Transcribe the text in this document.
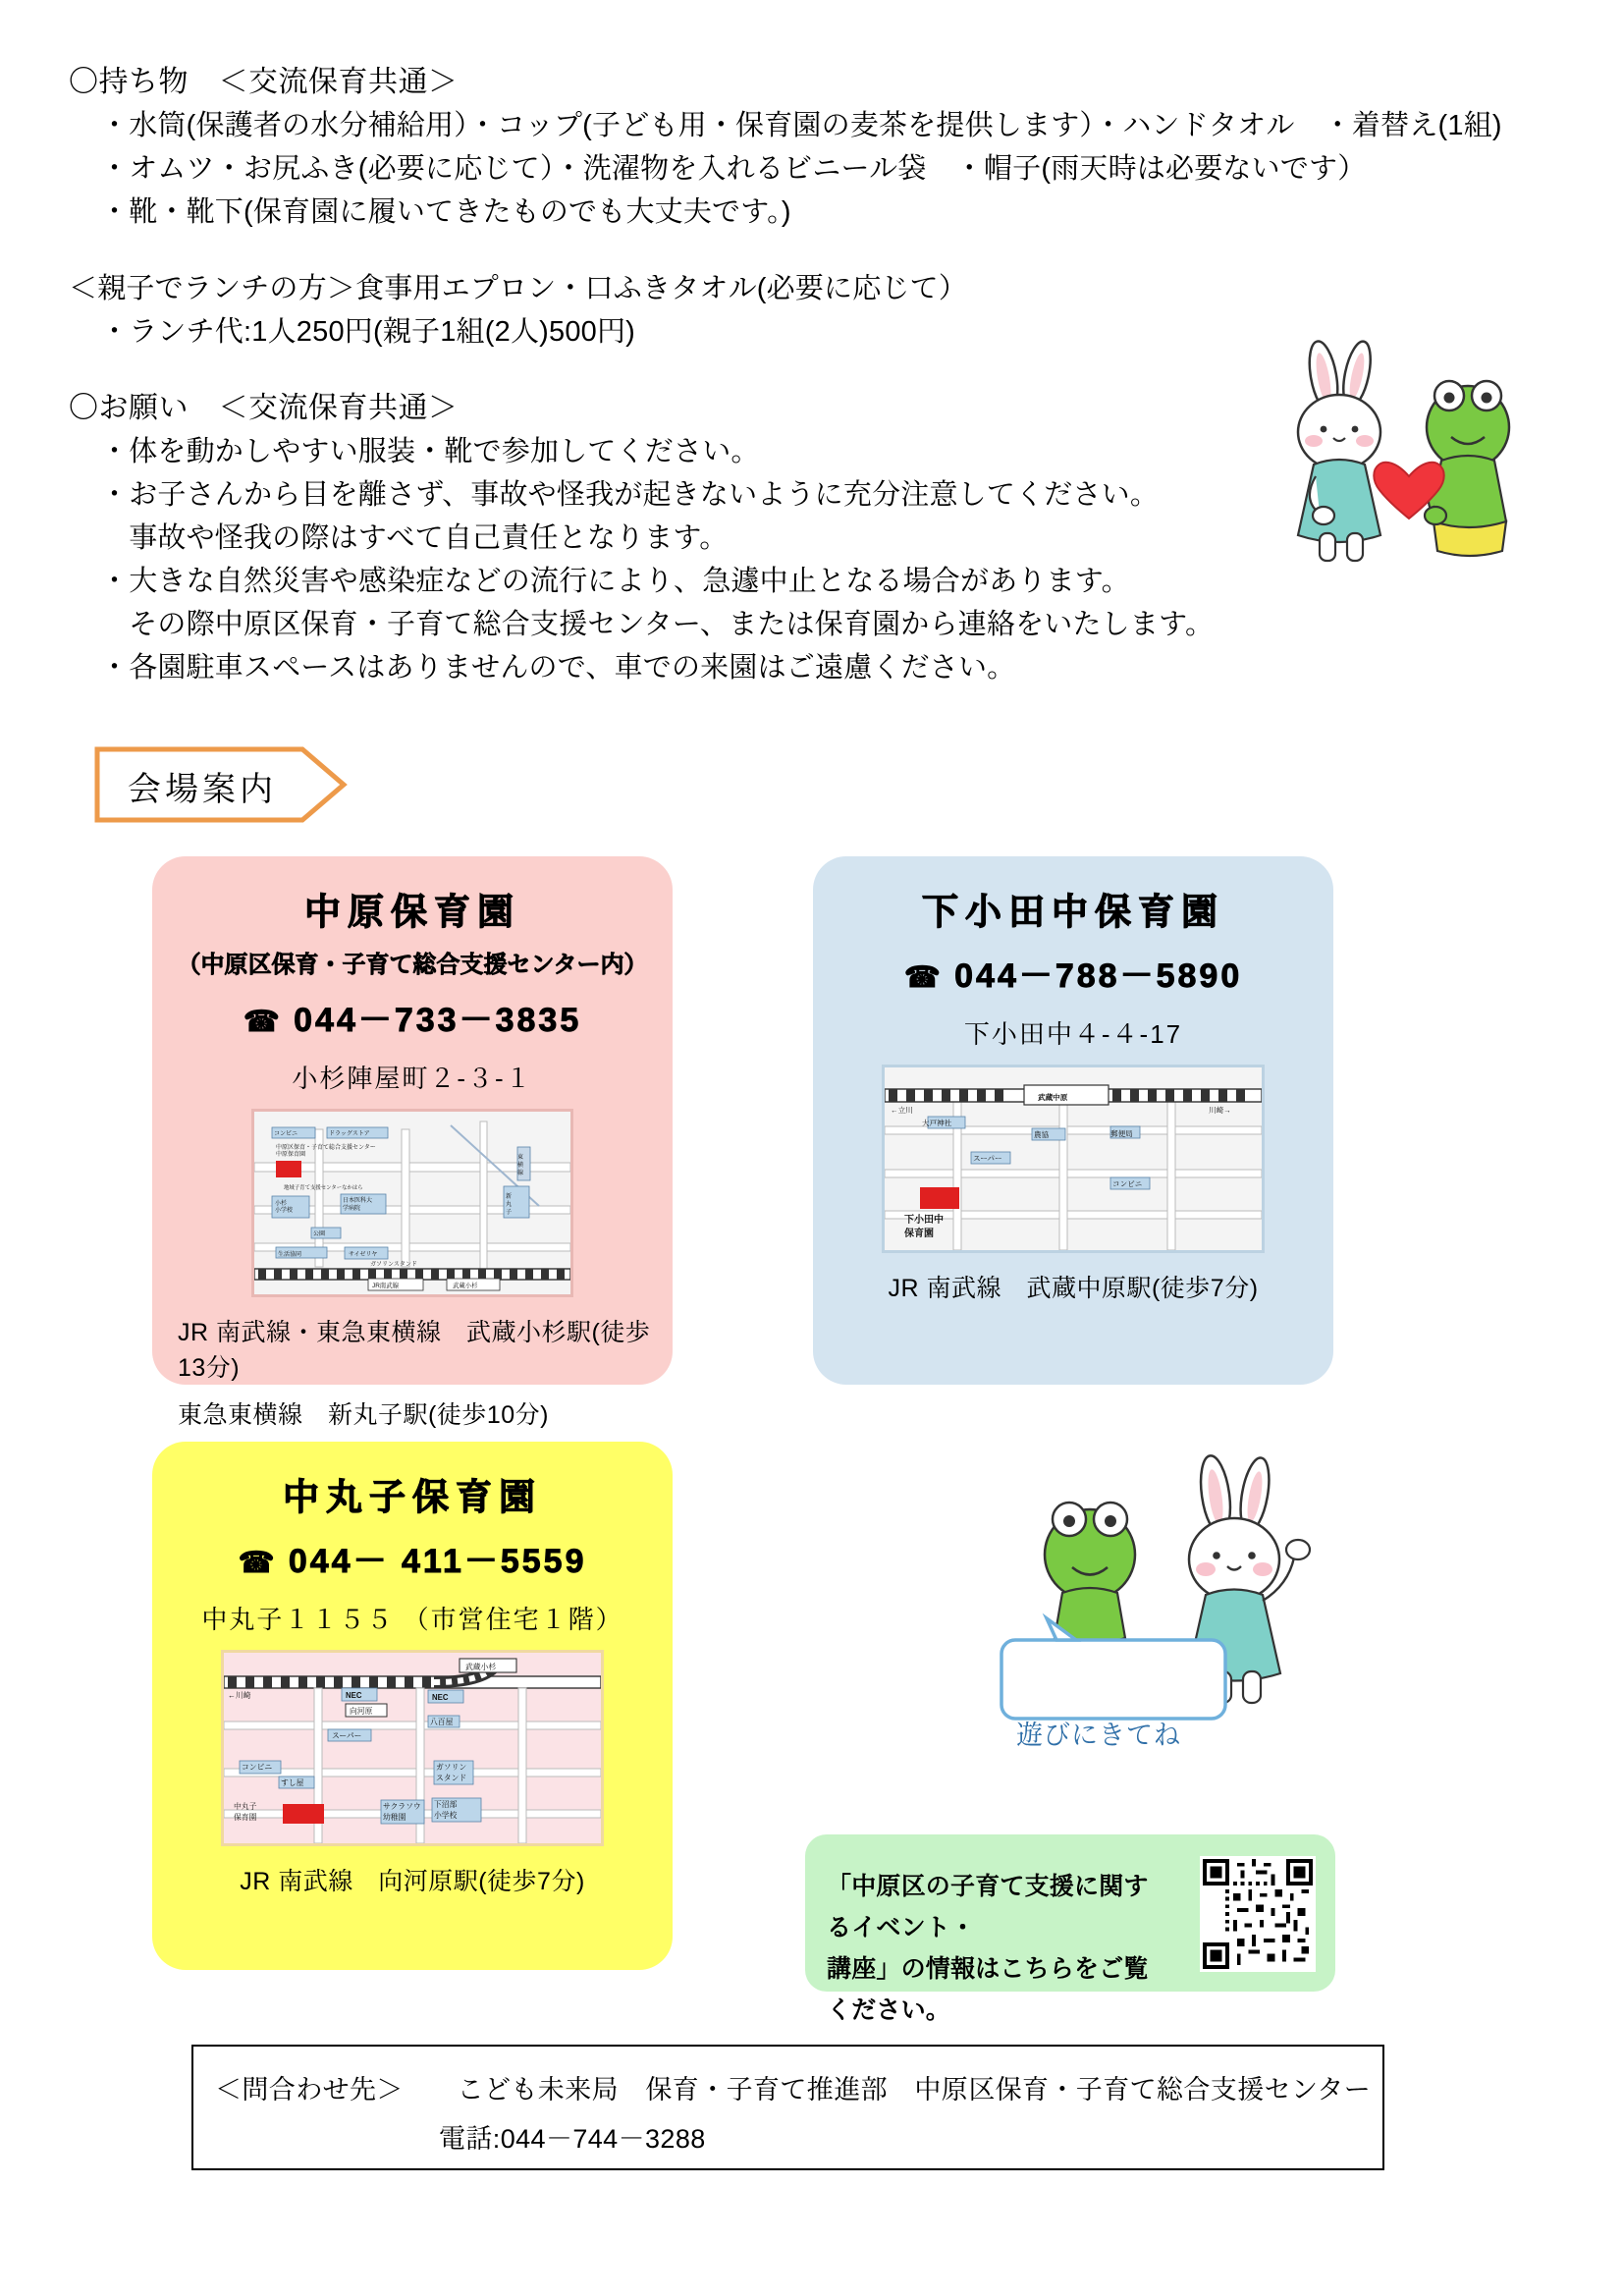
〇持ち物　＜交流保育共通＞
・水筒(保護者の水分補給用）・コップ(子ども用・保育園の麦茶を提供します）・ハンドタオル　・着替え(1組)
・オムツ・お尻ふき(必要に応じて）・洗濯物を入れるビニール袋　・帽子(雨天時は必要ないです）
・靴・靴下(保育園に履いてきたものでも大丈夫です。)
＜親子でランチの方＞食事用エプロン・口ふきタオル(必要に応じて）
・ランチ代:1人250円(親子1組(2人)500円)
〇お願い　＜交流保育共通＞
・体を動かしやすい服装・靴で参加してください。
・お子さんから目を離さず、事故や怪我が起きないように充分注意してください。
　事故や怪我の際はすべて自己責任となります。
・大きな自然災害や感染症などの流行により、急遽中止となる場合があります。
　その際中原区保育・子育て総合支援センター、または保育園から連絡をいたします。
・各園駐車スペースはありませんので、車での来園はご遠慮ください。
会場案内
中原保育園
（中原区保育・子育て総合支援センター内）
☎ 044－733－3835
小杉陣屋町２-３-１
コンビニ	ドラッグストア
中原区保育・子育て総合支援センター
中原保育園
地域子育て支援センターなかはら
小杉
小学校
日本医科大
学病院
公園
生活協同	サイゼリヤ
新
丸
子
東
横
線
ガソリンスタンド
JR南武線	武蔵小杉
JR 南武線・東急東横線　武蔵小杉駅(徒歩13分)
東急東横線　新丸子駅(徒歩10分)
下小田中保育園
☎ 044－788－5890
下小田中４-４-17
←立川
武蔵中原
川崎→
大戸神社
農協	郵便局
スーパー
コンビニ
下小田中
保育園
JR 南武線　武蔵中原駅(徒歩7分)
中丸子保育園
☎ 044－ 411－5559
中丸子１１５５ （市営住宅１階）
←川崎
武蔵小杉
NEC	NEC
向河原
八百屋
スーパー
コンビニ
すし屋
ガソリン
スタンド
サクラソウ
幼稚園
下沼部
小学校
中丸子
保育園
JR 南武線　向河原駅(徒歩7分)
遊びにきてね
「中原区の子育て支援に関するイベント・
講座」の情報はこちらをご覧ください。
＜問合わせ先＞　　こども未来局　保育・子育て推進部　中原区保育・子育て総合支援センター
電話:044－744－3288
